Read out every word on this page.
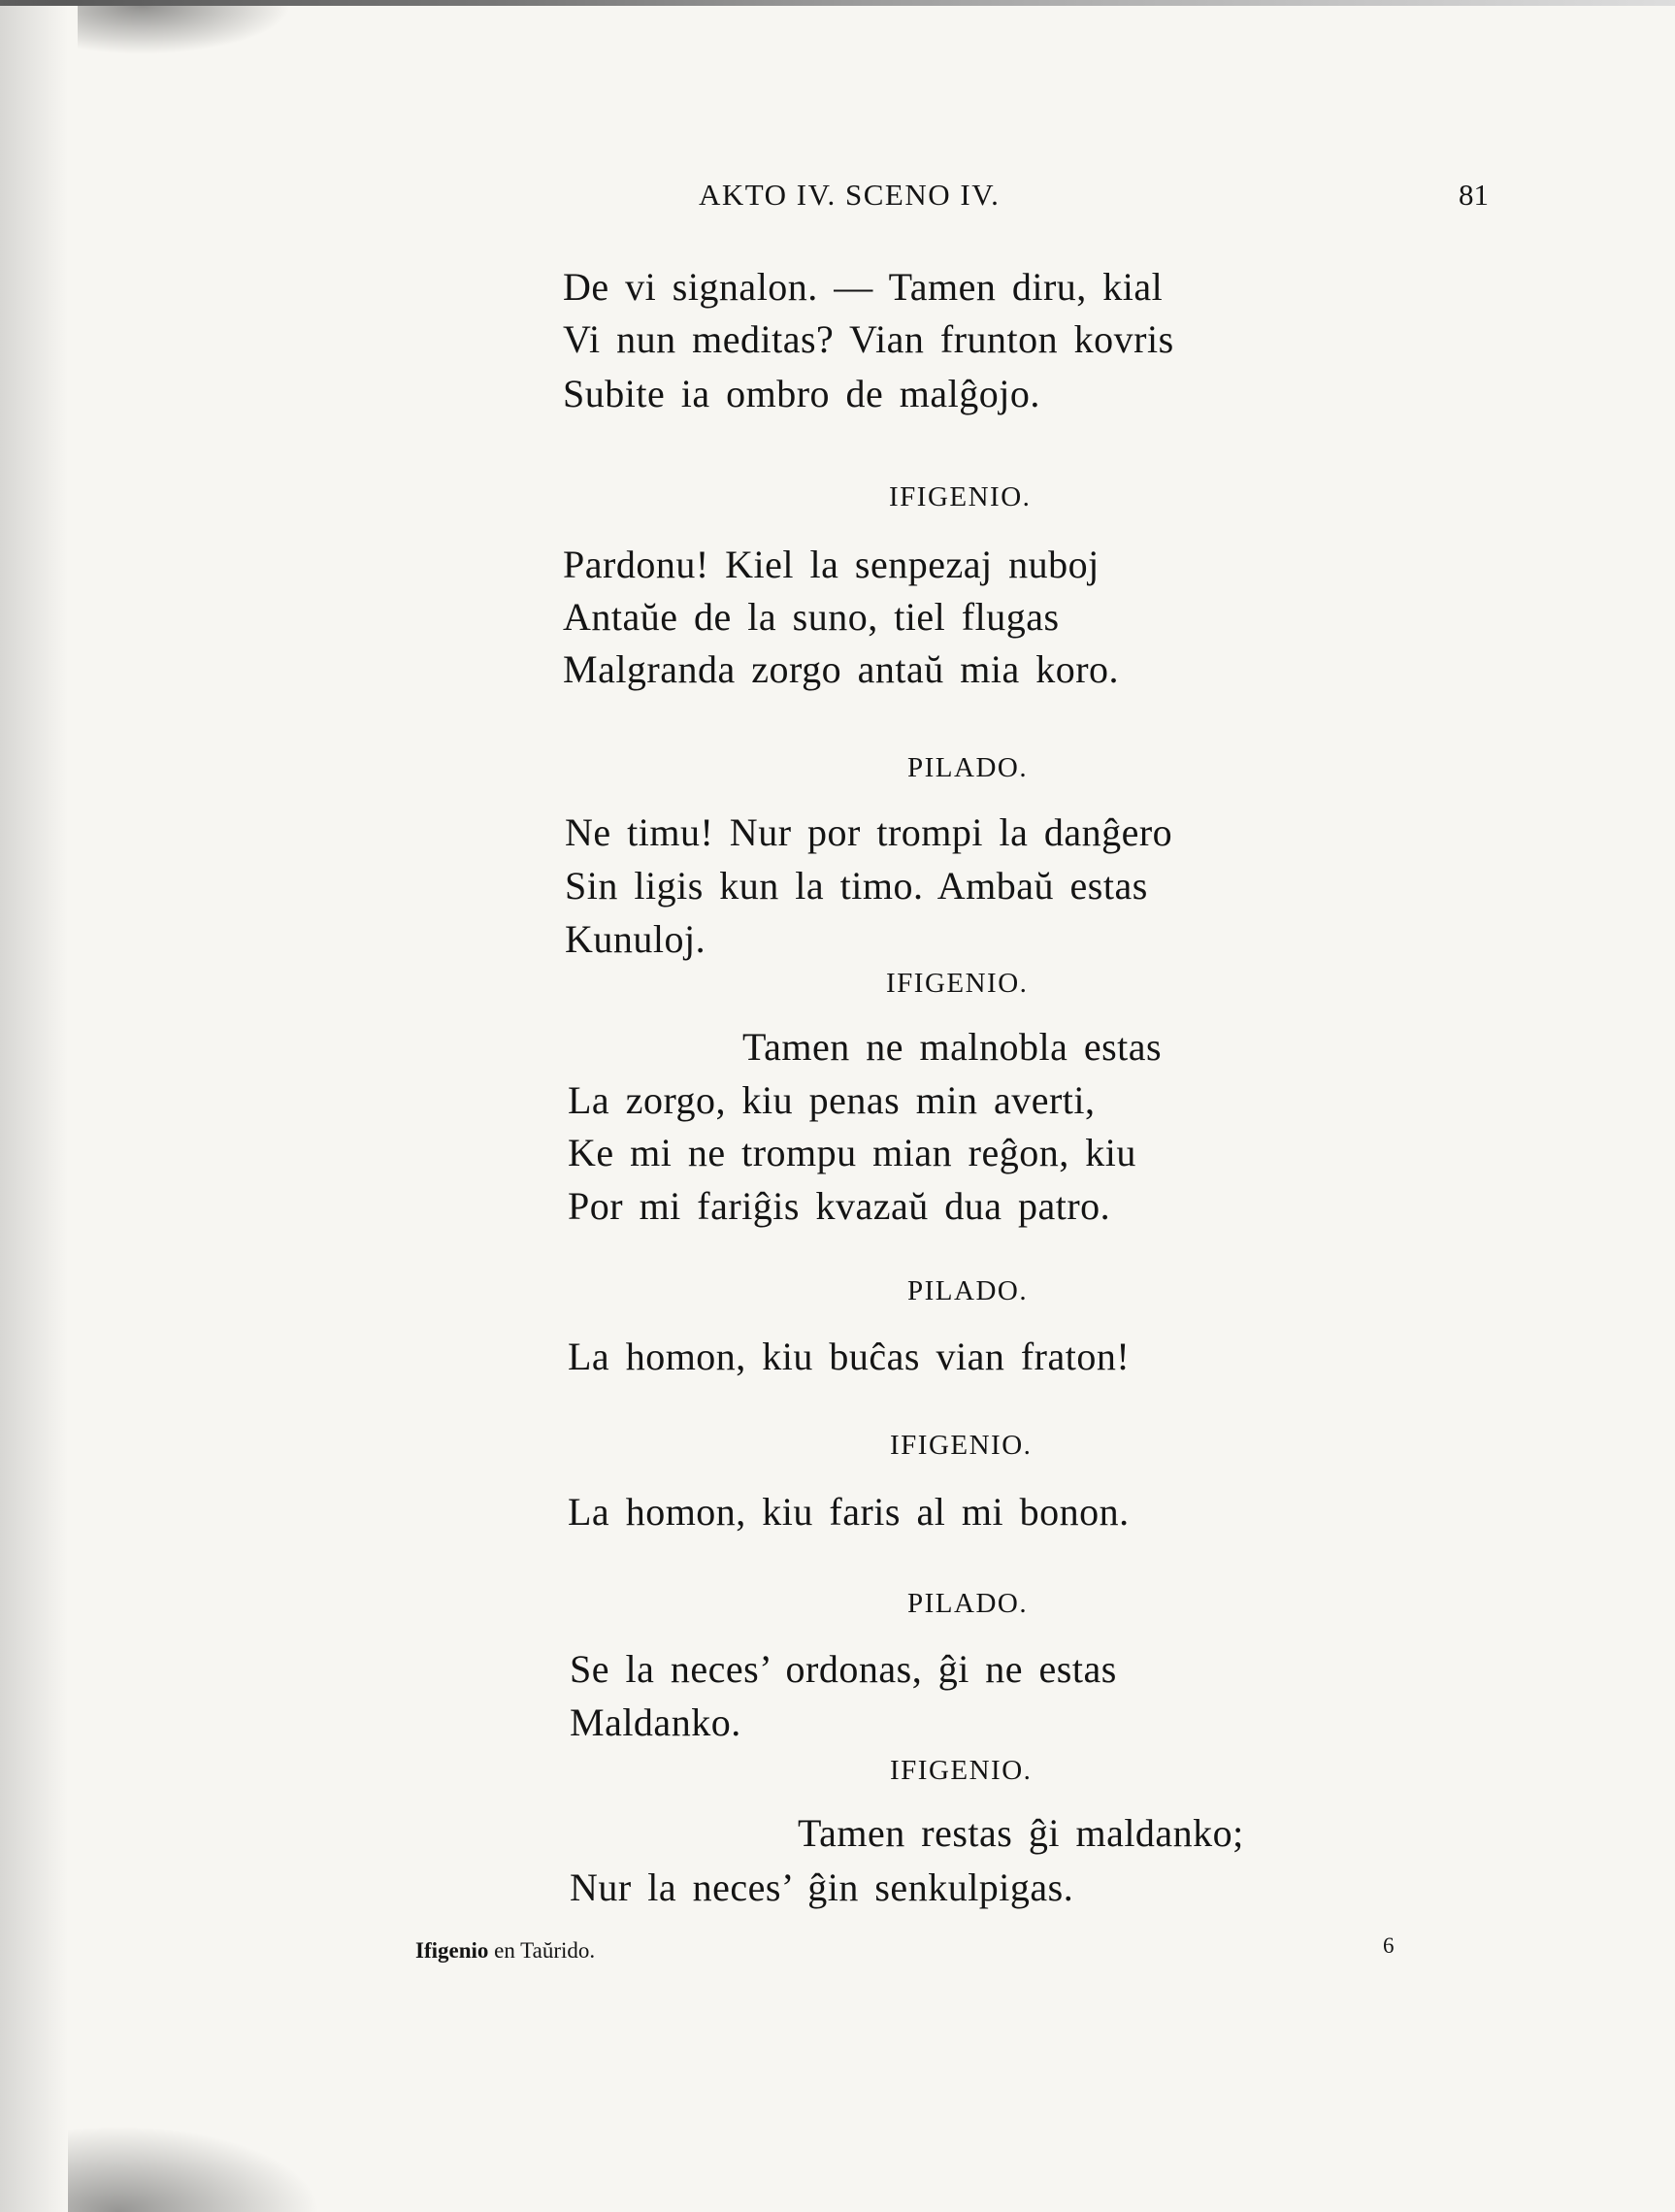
AKTO IV. SCENO IV.	81
De vi signalon. — Tamen diru, kial
Vi nun meditas? Vian frunton kovris
Subite ia ombro de malĝojo.
IFIGENIO.
Pardonu! Kiel la senpezaj nuboj
Antaŭe de la suno, tiel flugas
Malgranda zorgo antaŭ mia koro.
PILADO.
Ne timu! Nur por trompi la danĝero
Sin ligis kun la timo. Ambaŭ estas
Kunuloj.
IFIGENIO.
Tamen ne malnobla estas
La zorgo, kiu penas min averti,
Ke mi ne trompu mian reĝon, kiu
Por mi fariĝis kvazaŭ dua patro.
PILADO.
La homon, kiu buĉas vian fraton!
IFIGENIO.
La homon, kiu faris al mi bonon.
PILADO.
Se la neces’ ordonas, ĝi ne estas
Maldanko.
IFIGENIO.
Tamen restas ĝi maldanko;
Nur la neces’ ĝin senkulpigas.
Ifigenio en Taŭrido.	6
